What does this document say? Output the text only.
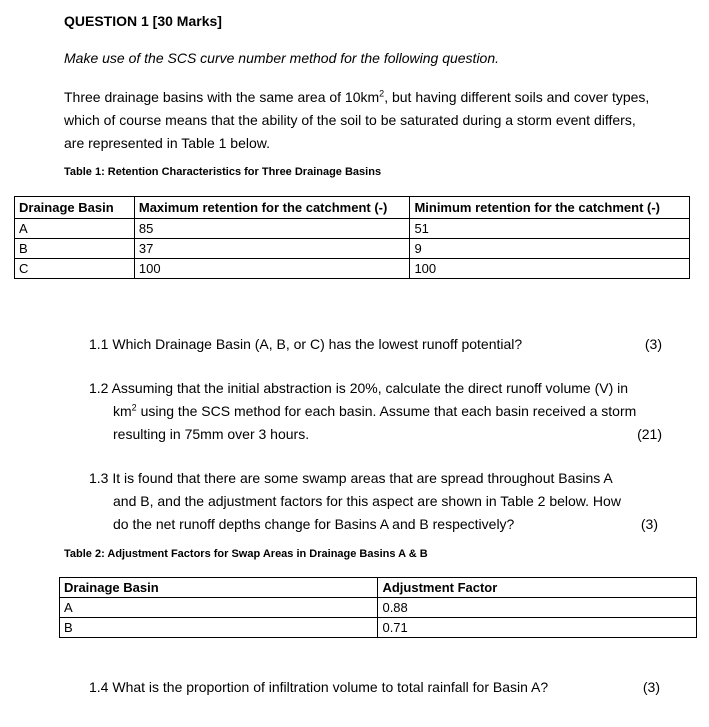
QUESTION 1 [30 Marks]
Make use of the SCS curve number method for the following question.
Three drainage basins with the same area of $10km^2$, but having different soils and cover types, which of course means that the ability of the soil to be saturated during a storm event differs, are represented in Table 1 below.
Table 1: Retention Characteristics for Three Drainage Basins
Drainage Basin	Maximum retention for the catchment (-)	Minimum retention for the catchment (-)
A	85	51
B	37	9
C	100	100
1.1 Which Drainage Basin (A, B, or C) has the lowest runoff potential?	(3)
1.2 Assuming that the initial abstraction is 20%, calculate the direct runoff volume (V) in
$km^2$ using the SCS method for each basin. Assume that each basin received a storm
resulting in 75mm over 3 hours.	(21)
1.3 It is found that there are some swamp areas that are spread throughout Basins A
and B, and the adjustment factors for this aspect are shown in Table 2 below. How
do the net runoff depths change for Basins A and B respectively?	(3)
Table 2: Adjustment Factors for Swap Areas in Drainage Basins A & B
Drainage Basin	Adjustment Factor
A	0.88
B	0.71
1.4 What is the proportion of infiltration volume to total rainfall for Basin A?	(3)
